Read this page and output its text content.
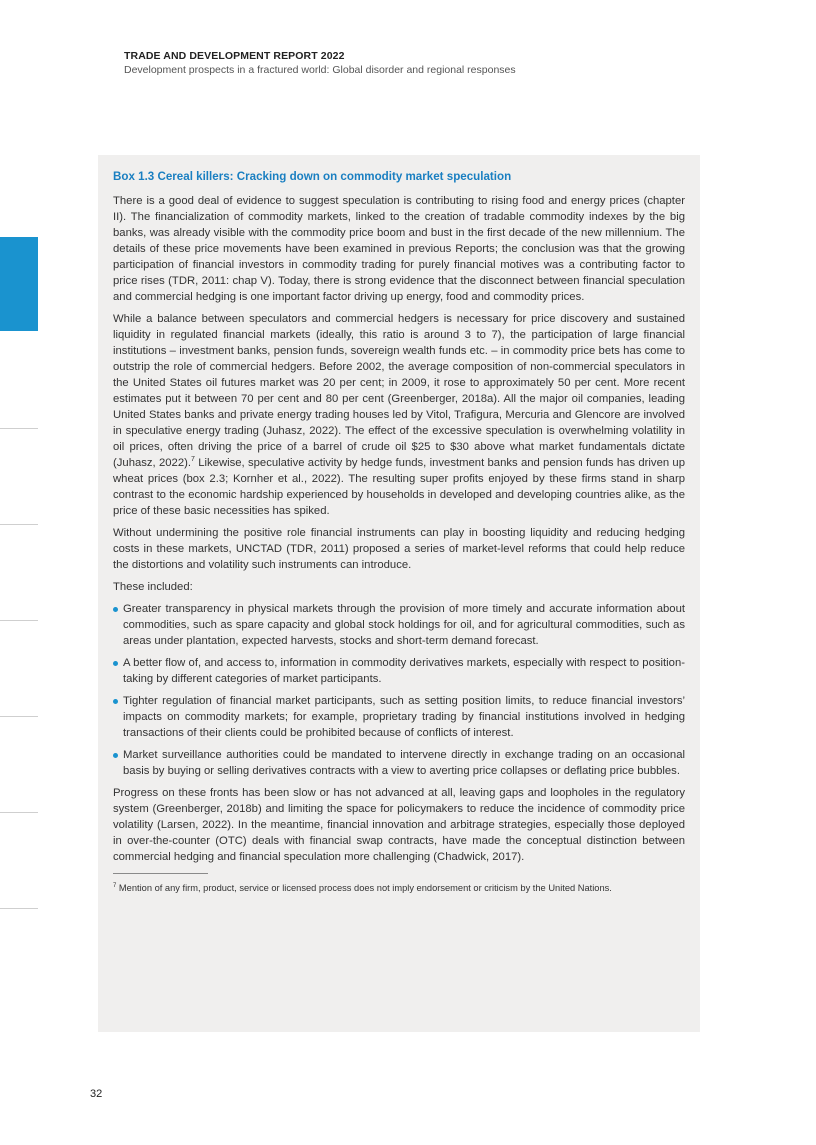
TRADE AND DEVELOPMENT REPORT 2022
Development prospects in a fractured world: Global disorder and regional responses
Box 1.3 Cereal killers: Cracking down on commodity market speculation

There is a good deal of evidence to suggest speculation is contributing to rising food and energy prices (chapter II). The financialization of commodity markets, linked to the creation of tradable commodity indexes by the big banks, was already visible with the commodity price boom and bust in the first decade of the new millennium. The details of these price movements have been examined in previous Reports; the conclusion was that the growing participation of financial investors in commodity trading for purely financial motives was a contributing factor to price rises (TDR, 2011: chap V). Today, there is strong evidence that the disconnect between financial speculation and commercial hedging is one important factor driving up energy, food and commodity prices.

While a balance between speculators and commercial hedgers is necessary for price discovery and sustained liquidity in regulated financial markets (ideally, this ratio is around 3 to 7), the participation of large financial institutions – investment banks, pension funds, sovereign wealth funds etc. – in commodity price bets has come to outstrip the role of commercial hedgers. Before 2002, the average composition of non-commercial speculators in the United States oil futures market was 20 per cent; in 2009, it rose to approximately 50 per cent. More recent estimates put it between 70 per cent and 80 per cent (Greenberger, 2018a). All the major oil companies, leading United States banks and private energy trading houses led by Vitol, Trafigura, Mercuria and Glencore are involved in speculative energy trading (Juhasz, 2022). The effect of the excessive speculation is overwhelming volatility in oil prices, often driving the price of a barrel of crude oil $25 to $30 above what market fundamentals dictate (Juhasz, 2022).$^7$ Likewise, speculative activity by hedge funds, investment banks and pension funds has driven up wheat prices (box 2.3; Kornher et al., 2022). The resulting super profits enjoyed by these firms stand in sharp contrast to the economic hardship experienced by households in developed and developing countries alike, as the price of these basic necessities has spiked.

Without undermining the positive role financial instruments can play in boosting liquidity and reducing hedging costs in these markets, UNCTAD (TDR, 2011) proposed a series of market-level reforms that could help reduce the distortions and volatility such instruments can introduce.

These included:

Greater transparency in physical markets through the provision of more timely and accurate information about commodities, such as spare capacity and global stock holdings for oil, and for agricultural commodities, such as areas under plantation, expected harvests, stocks and short-term demand forecast.
A better flow of, and access to, information in commodity derivatives markets, especially with respect to position-taking by different categories of market participants.
Tighter regulation of financial market participants, such as setting position limits, to reduce financial investors’ impacts on commodity markets; for example, proprietary trading by financial institutions involved in hedging transactions of their clients could be prohibited because of conflicts of interest.
Market surveillance authorities could be mandated to intervene directly in exchange trading on an occasional basis by buying or selling derivatives contracts with a view to averting price collapses or deflating price bubbles.

Progress on these fronts has been slow or has not advanced at all, leaving gaps and loopholes in the regulatory system (Greenberger, 2018b) and limiting the space for policymakers to reduce the incidence of commodity price volatility (Larsen, 2022). In the meantime, financial innovation and arbitrage strategies, especially those deployed in over-the-counter (OTC) deals with financial swap contracts, have made the conceptual distinction between commercial hedging and financial speculation more challenging (Chadwick, 2017).

$^7$ Mention of any firm, product, service or licensed process does not imply endorsement or criticism by the United Nations.
32
